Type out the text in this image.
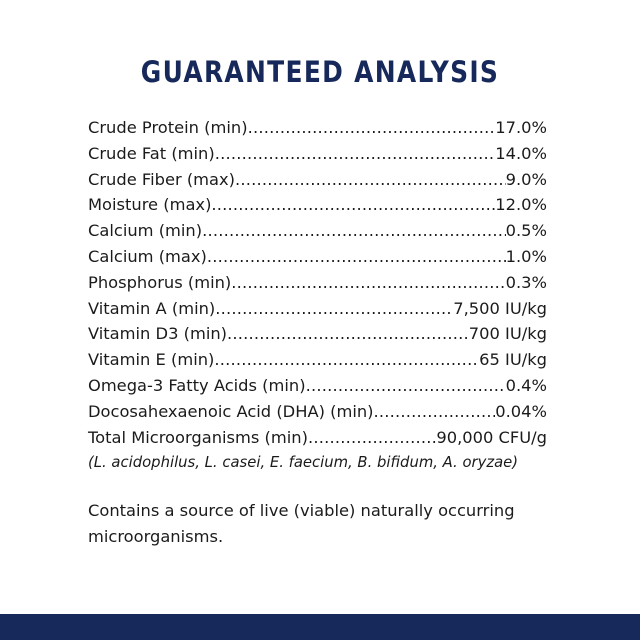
GUARANTEED ANALYSIS
Crude Protein (min) .....	17.0%
Crude Fat (min) .....	14.0%
Crude Fiber (max) .....	9.0%
Moisture (max) .....	12.0%
Calcium (min) .....	0.5%
Calcium (max) .....	1.0%
Phosphorus (min) .....	0.3%
Vitamin A (min) .....	7,500 IU/kg
Vitamin D3 (min) .....	700 IU/kg
Vitamin E (min) .....	65 IU/kg
Omega-3 Fatty Acids (min) .....	0.4%
Docosahexaenoic Acid (DHA) (min) .....	0.04%
Total Microorganisms (min) .....	90,000 CFU/g
(L. acidophilus, L. casei, E. faecium, B. bifidum, A. oryzae)
Contains a source of live (viable) naturally occurring microorganisms.
